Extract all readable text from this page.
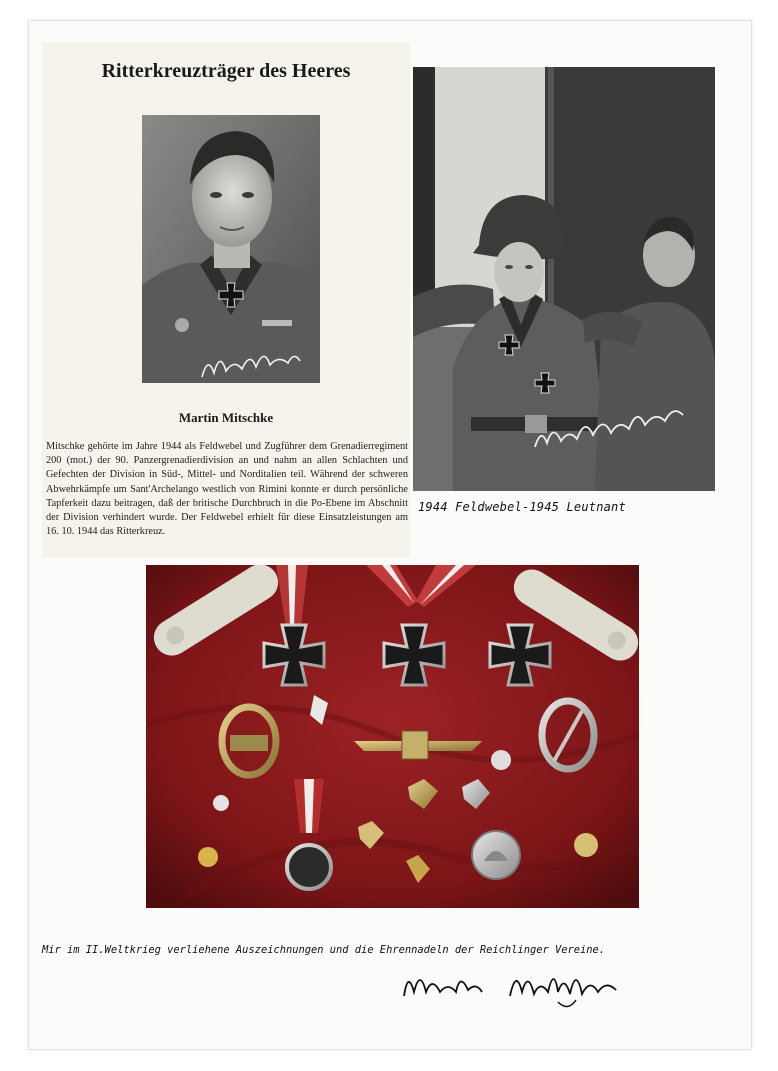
Ritterkreuzträger des Heeres
Martin Mitschke
Mitschke gehörte im Jahre 1944 als Feldwebel und Zugführer dem Grenadierregiment 200 (mot.) der 90. Panzergrenadierdivision an und nahm an allen Schlachten und Gefechten der Division in Süd-, Mittel- und Norditalien teil. Während der schweren Abwehrkämpfe um Sant'Archelango westlich von Rimini konnte er durch persönliche Tapferkeit dazu beitragen, daß der britische Durchbruch in die Po-Ebene im Abschnitt der Division verhindert wurde. Der Feldwebel erhielt für diese Einsatzleistungen am 16. 10. 1944 das Ritterkreuz.
1944 Feldwebel-1945 Leutnant
Mir im II.Weltkrieg verliehene Auszeichnungen und die Ehrennadeln der Reichlinger Vereine.
